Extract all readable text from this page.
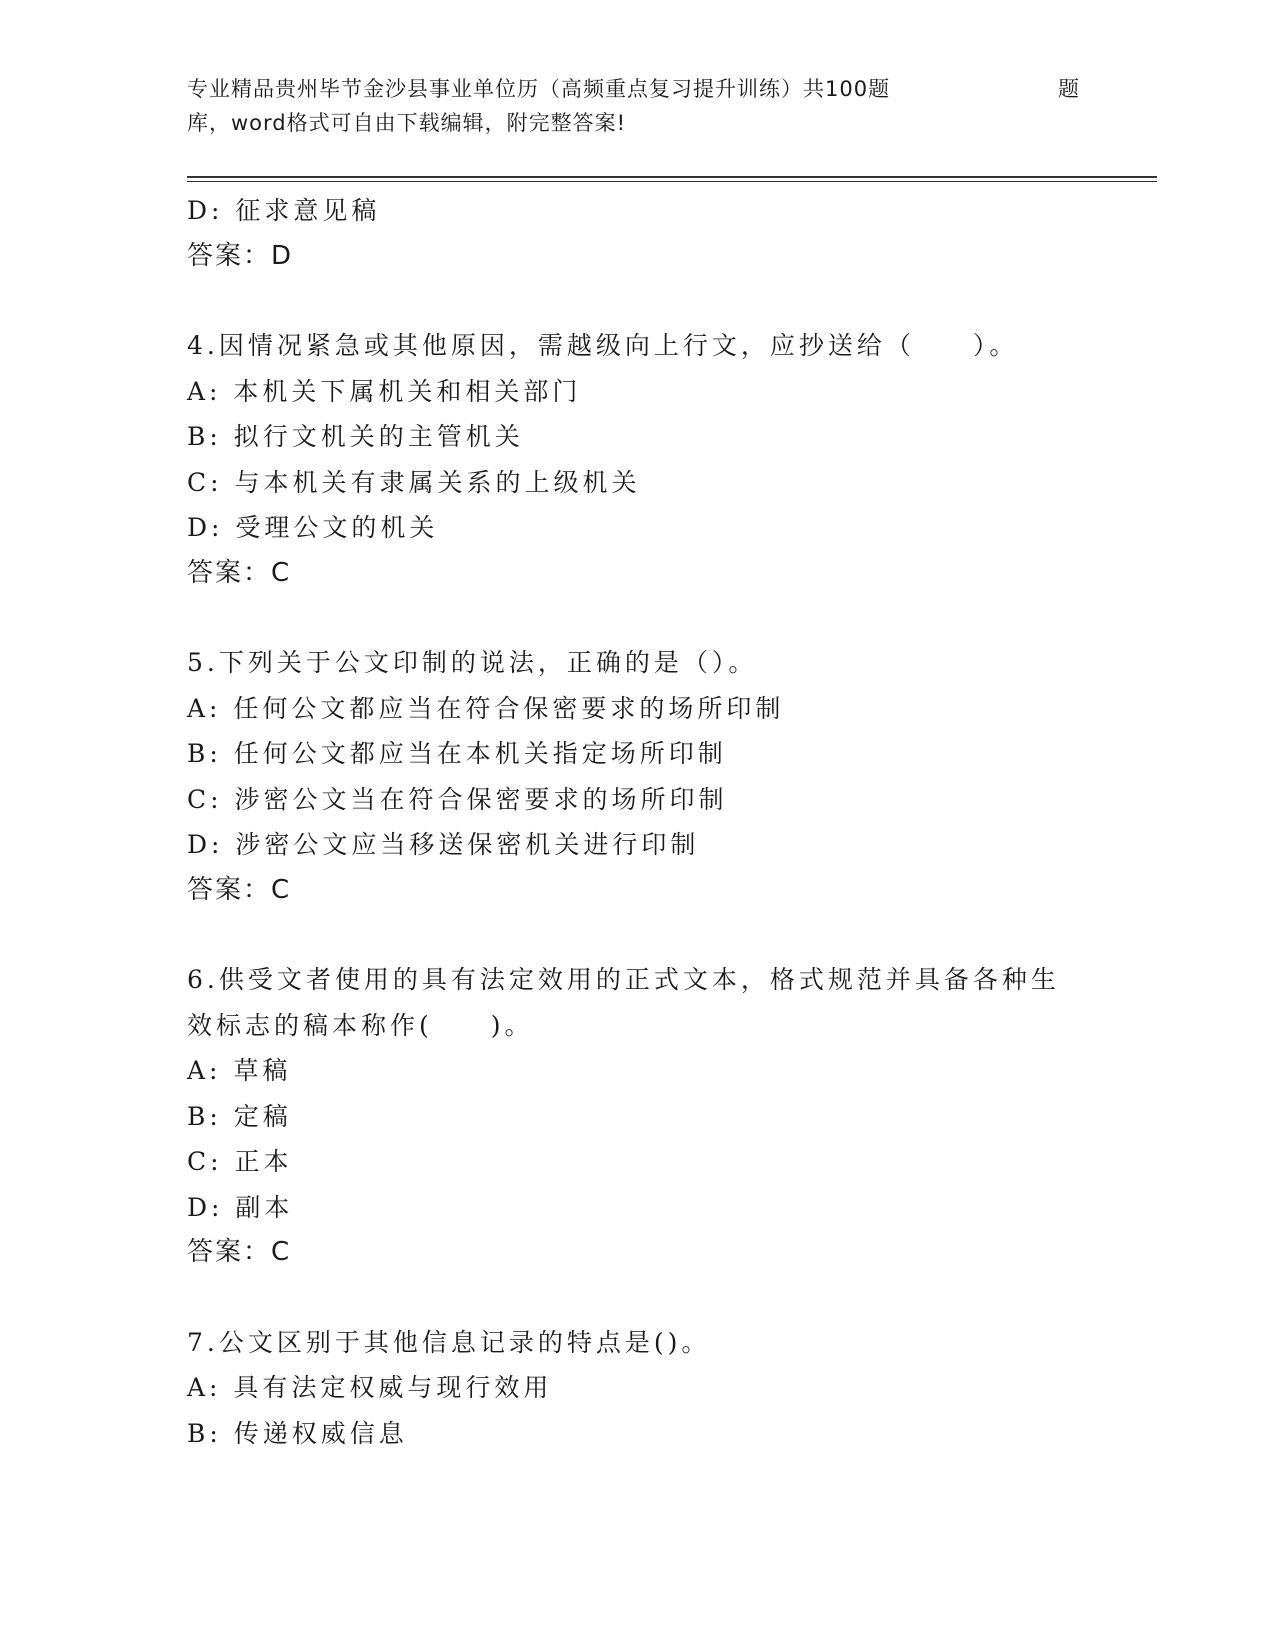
专业精品贵州毕节金沙县事业单位历（高频重点复习提升训练）共100题	题
库，word格式可自由下载编辑，附完整答案!
D: 征求意见稿
答案：D
4.因情况紧急或其他原因，需越级向上行文，应抄送给（　　）。
A: 本机关下属机关和相关部门
B: 拟行文机关的主管机关
C: 与本机关有隶属关系的上级机关
D: 受理公文的机关
答案：C
5.下列关于公文印制的说法，正确的是（）。
A: 任何公文都应当在符合保密要求的场所印制
B: 任何公文都应当在本机关指定场所印制
C: 涉密公文当在符合保密要求的场所印制
D: 涉密公文应当移送保密机关进行印制
答案：C
6.供受文者使用的具有法定效用的正式文本，格式规范并具备各种生
效标志的稿本称作(　　)。
A: 草稿
B: 定稿
C: 正本
D: 副本
答案：C
7.公文区别于其他信息记录的特点是()。
A: 具有法定权威与现行效用
B: 传递权威信息
